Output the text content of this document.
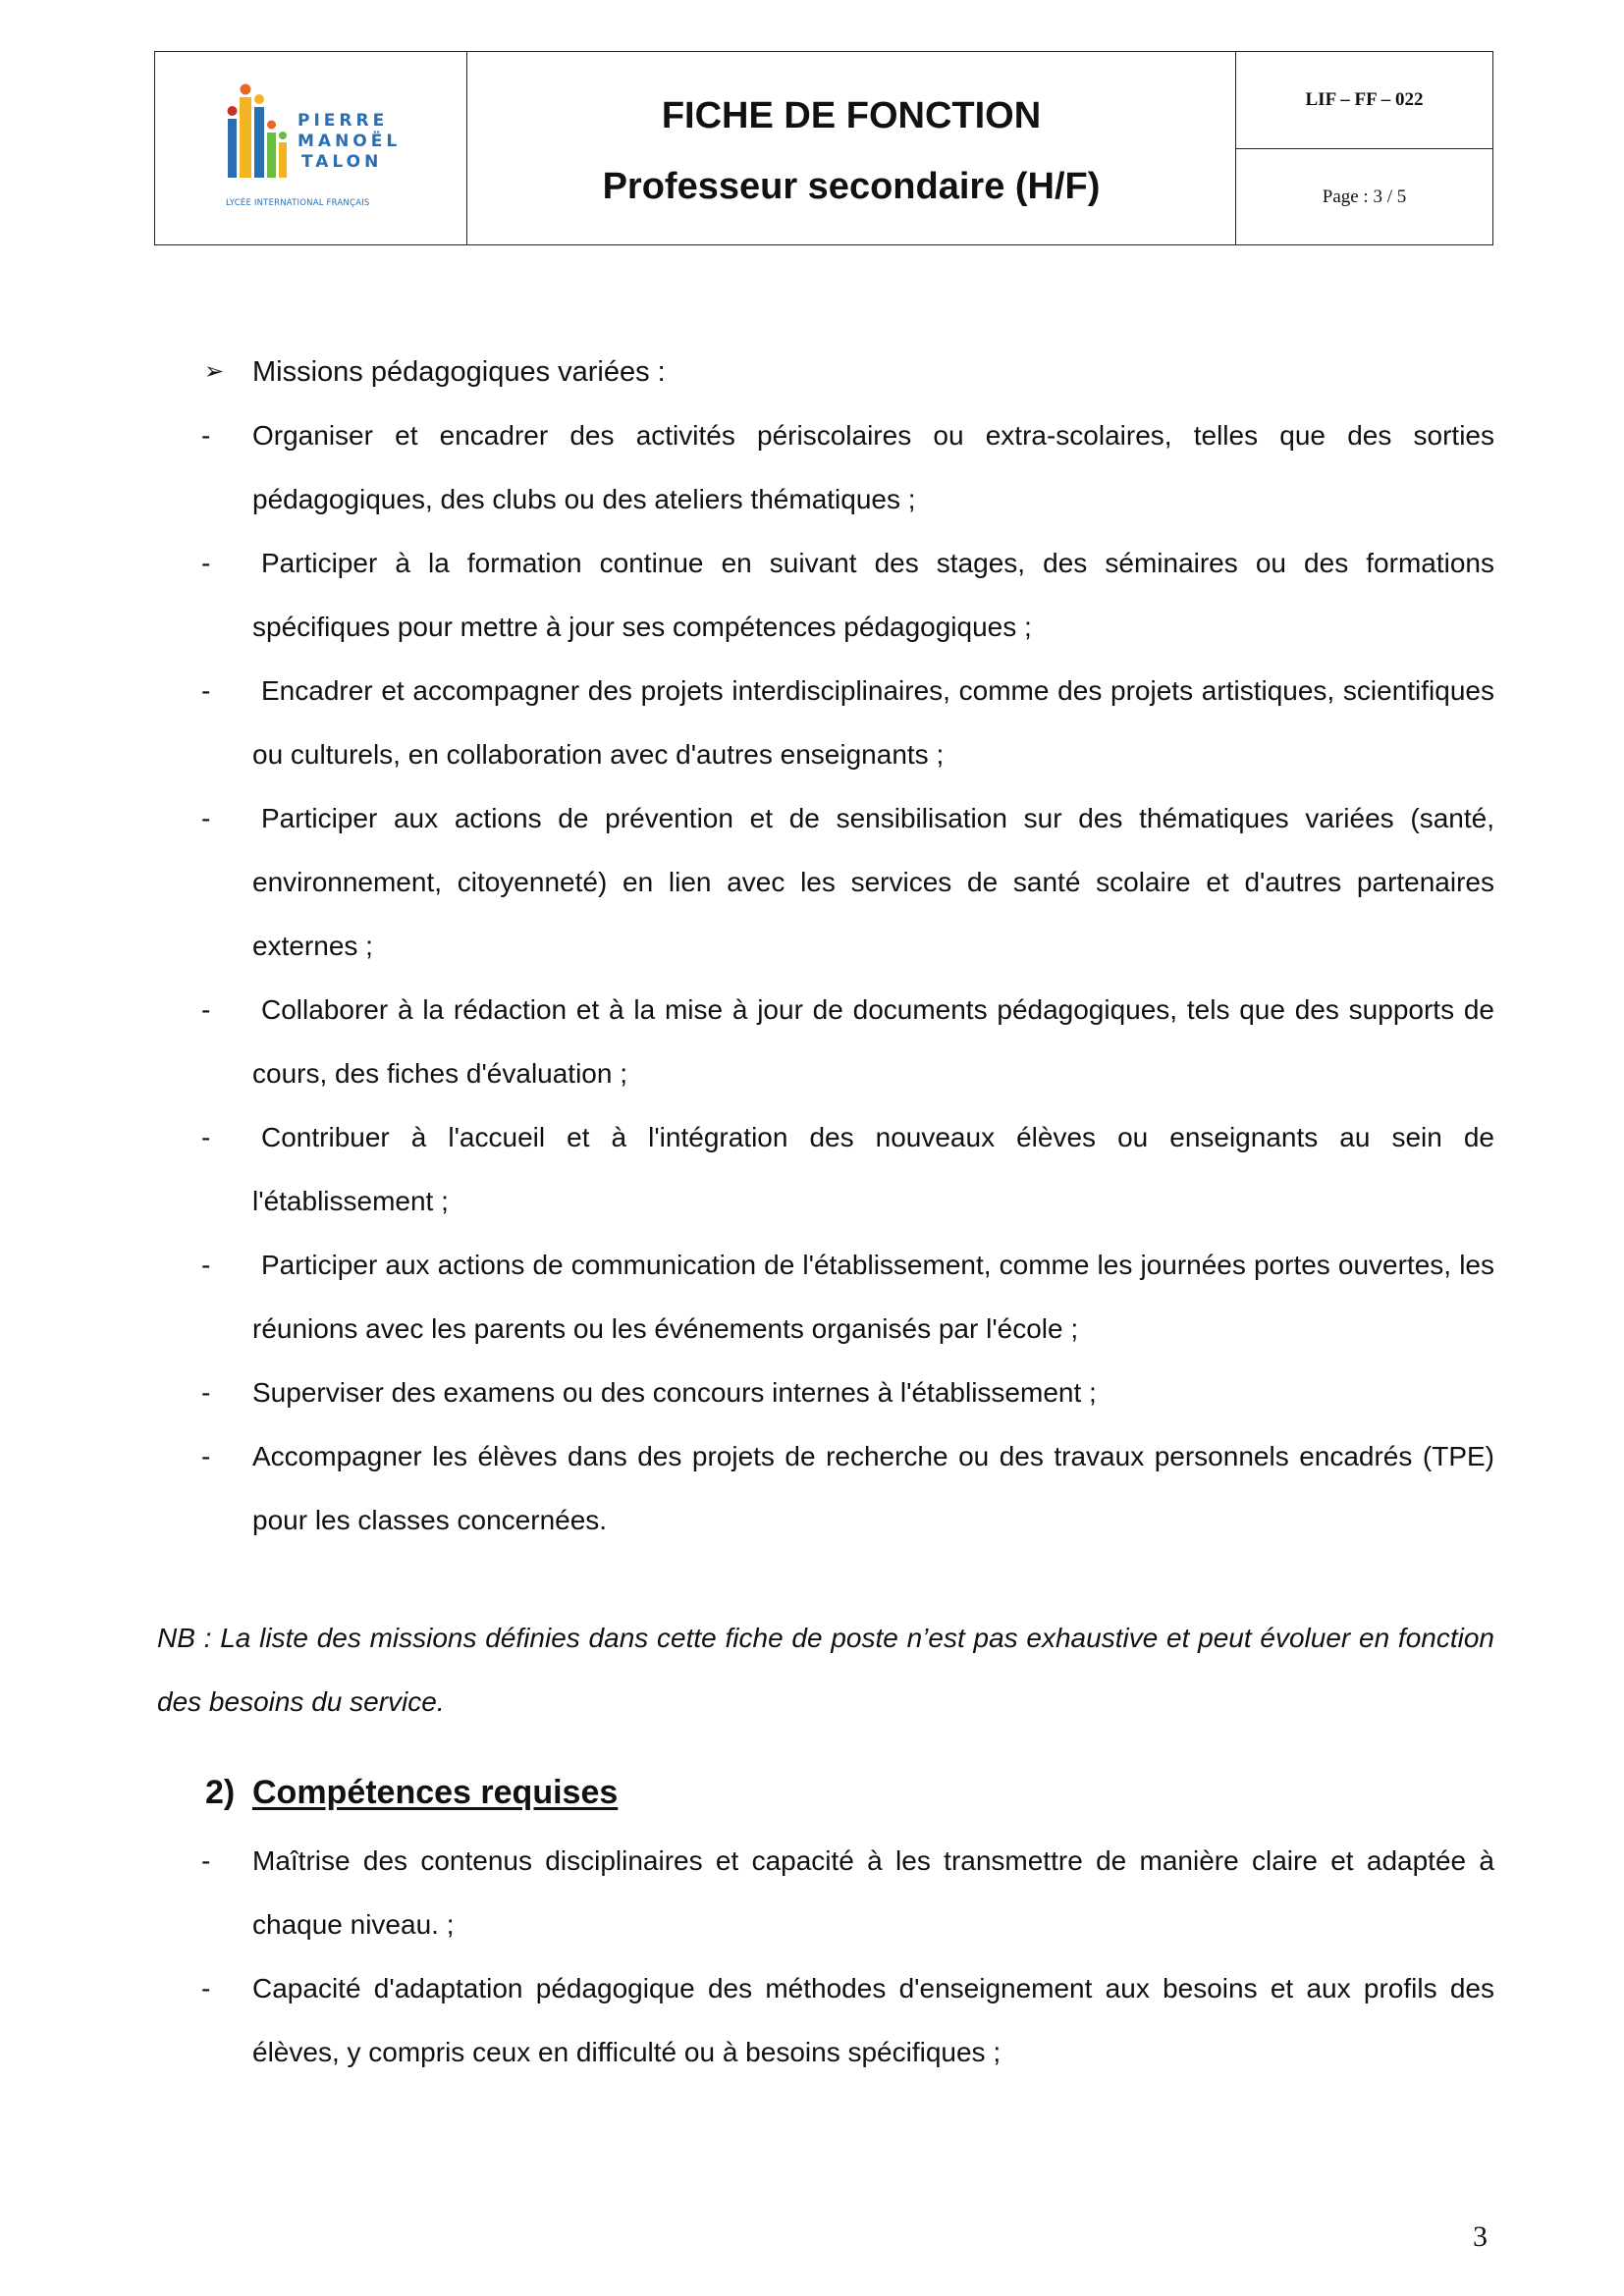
PIERRE
MANOËL
TALON
LYCÉE INTERNATIONAL FRANÇAIS
FICHE DE FONCTION
Professeur secondaire (H/F)
LIF – FF – 022
Page : 3 / 5
➢ Missions pédagogiques variées :
- Organiser et encadrer des activités périscolaires ou extra-scolaires, telles que des sorties pédagogiques, des clubs ou des ateliers thématiques ;
- Participer à la formation continue en suivant des stages, des séminaires ou des formations spécifiques pour mettre à jour ses compétences pédagogiques ;
- Encadrer et accompagner des projets interdisciplinaires, comme des projets artistiques, scientifiques ou culturels, en collaboration avec d'autres enseignants ;
- Participer aux actions de prévention et de sensibilisation sur des thématiques variées (santé, environnement, citoyenneté) en lien avec les services de santé scolaire et d'autres partenaires externes ;
- Collaborer à la rédaction et à la mise à jour de documents pédagogiques, tels que des supports de cours, des fiches d'évaluation ;
- Contribuer à l'accueil et à l'intégration des nouveaux élèves ou enseignants au sein de l'établissement ;
- Participer aux actions de communication de l'établissement, comme les journées portes ouvertes, les réunions avec les parents ou les événements organisés par l'école ;
- Superviser des examens ou des concours internes à l'établissement ;
- Accompagner les élèves dans des projets de recherche ou des travaux personnels encadrés (TPE) pour les classes concernées.
NB : La liste des missions définies dans cette fiche de poste n’est pas exhaustive et peut évoluer en fonction des besoins du service.
2) Compétences requises
- Maîtrise des contenus disciplinaires et capacité à les transmettre de manière claire et adaptée à chaque niveau. ;
- Capacité d'adaptation pédagogique des méthodes d'enseignement aux besoins et aux profils des élèves, y compris ceux en difficulté ou à besoins spécifiques ;
3
